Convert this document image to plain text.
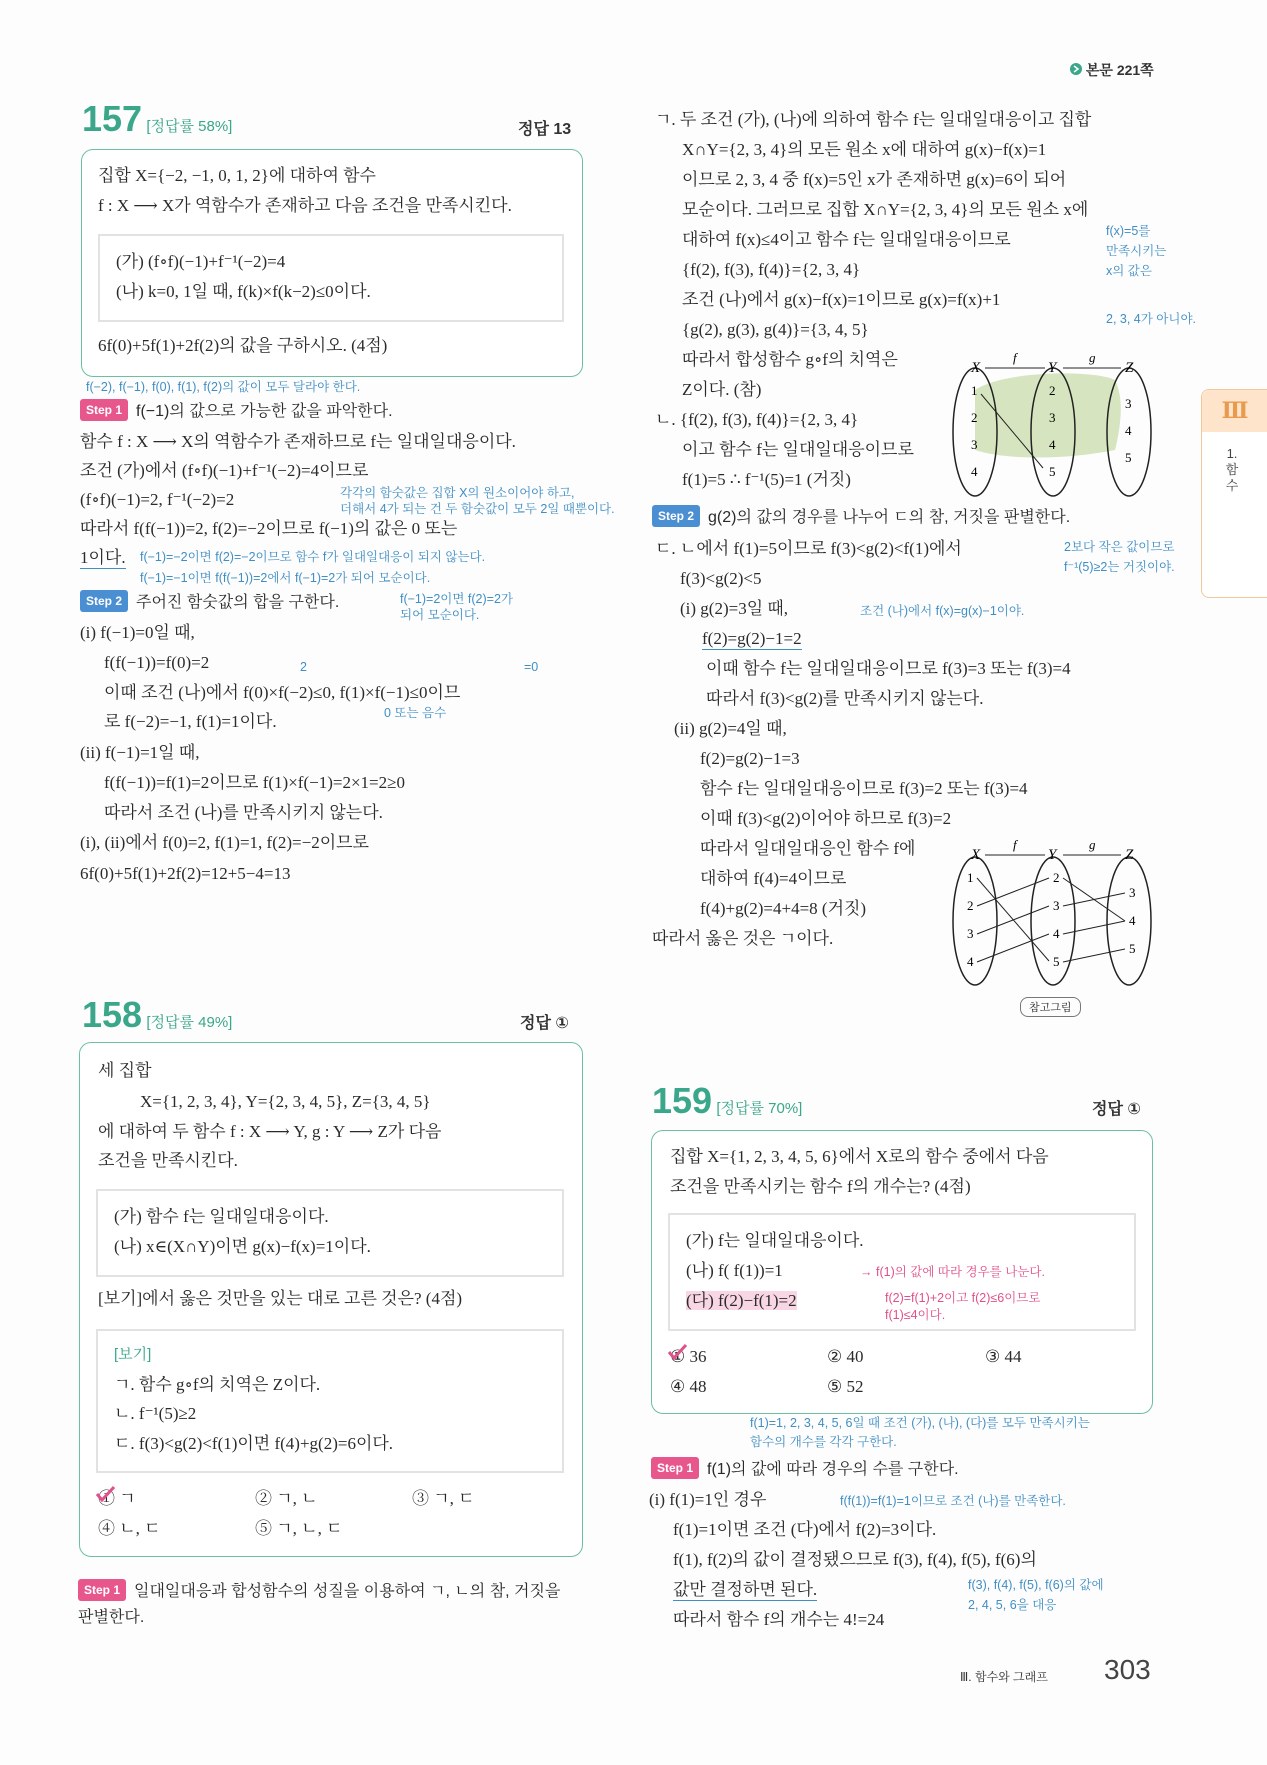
본문 221쪽
Ⅲ
1. 함수
157 [정답률 58%]	정답 13
집합 X={−2, −1, 0, 1, 2}에 대하여 함수
f : X ⟶ X가 역함수가 존재하고 다음 조건을 만족시킨다.
(가) (f∘f)(−1)+f⁻¹(−2)=4
(나) k=0, 1일 때, f(k)×f(k−2)≤0이다.
6f(0)+5f(1)+2f(2)의 값을 구하시오. (4점)
f(−2), f(−1), f(0), f(1), f(2)의 값이 모두 달라야 한다.
Step 1 f(−1)의 값으로 가능한 값을 파악한다.
함수 f : X ⟶ X의 역함수가 존재하므로 f는 일대일대응이다.
조건 (가)에서 (f∘f)(−1)+f⁻¹(−2)=4이므로
(f∘f)(−1)=2, f⁻¹(−2)=2	각각의 함숫값은 집합 X의 원소이어야 하고,
더해서 4가 되는 건 두 함숫값이 모두 2일 때뿐이다.
따라서 f(f(−1))=2, f(2)=−2이므로 f(−1)의 값은 0 또는
1이다. f(−1)=−2이면 f(2)=−2이므로 함수 f가 일대일대응이 되지 않는다.
f(−1)=−1이면 f(f(−1))=2에서 f(−1)=2가 되어 모순이다.
Step 2 주어진 함숫값의 합을 구한다.	f(−1)=2이면 f(2)=2가
되어 모순이다.
(i) f(−1)=0일 때,
f(f(−1))=f(0)=2	2	=0
이때 조건 (나)에서 f(0)×f(−2)≤0, f(1)×f(−1)≤0이므
로 f(−2)=−1, f(1)=1이다.	0 또는 음수
(ii) f(−1)=1일 때,
f(f(−1))=f(1)=2이므로 f(1)×f(−1)=2×1=2≥0
따라서 조건 (나)를 만족시키지 않는다.
(i), (ii)에서 f(0)=2, f(1)=1, f(2)=−2이므로
6f(0)+5f(1)+2f(2)=12+5−4=13
158 [정답률 49%]	정답 ①
세 집합
X={1, 2, 3, 4}, Y={2, 3, 4, 5}, Z={3, 4, 5}
에 대하여 두 함수 f : X ⟶ Y, g : Y ⟶ Z가 다음
조건을 만족시킨다.
(가) 함수 f는 일대일대응이다.
(나) x∈(X∩Y)이면 g(x)−f(x)=1이다.
[보기]에서 옳은 것만을 있는 대로 고른 것은? (4점)
[보기]
ㄱ. 함수 g∘f의 치역은 Z이다.
ㄴ. f⁻¹(5)≥2
ㄷ. f(3)<g(2)<f(1)이면 f(4)+g(2)=6이다.
① ㄱ	② ㄱ, ㄴ	③ ㄱ, ㄷ
④ ㄴ, ㄷ	⑤ ㄱ, ㄴ, ㄷ
Step 1 일대일대응과 합성함수의 성질을 이용하여 ㄱ, ㄴ의 참, 거짓을
판별한다.
ㄱ. 두 조건 (가), (나)에 의하여 함수 f는 일대일대응이고 집합
X∩Y={2, 3, 4}의 모든 원소 x에 대하여 g(x)−f(x)=1
이므로 2, 3, 4 중 f(x)=5인 x가 존재하면 g(x)=6이 되어
모순이다. 그러므로 집합 X∩Y={2, 3, 4}의 모든 원소 x에
대하여 f(x)≤4이고 함수 f는 일대일대응이므로
{f(2), f(3), f(4)}={2, 3, 4}
조건 (나)에서 g(x)−f(x)=1이므로 g(x)=f(x)+1
{g(2), g(3), g(4)}={3, 4, 5}
따라서 합성함수 g∘f의 치역은
Z이다. (참)
ㄴ. {f(2), f(3), f(4)}={2, 3, 4}
이고 함수 f는 일대일대응이므로
f(1)=5 ∴ f⁻¹(5)=1 (거짓)
f(x)=5를
만족시키는
x의 값은
2, 3, 4가 아니야.
X	Y	Z
f	g
1
2
3
4
2
3
4
5
3
4
5
Step 2 g(2)의 값의 경우를 나누어 ㄷ의 참, 거짓을 판별한다.
2보다 작은 값이므로
f⁻¹(5)≥2는 거짓이야.
조건 (나)에서 f(x)=g(x)−1이야.
ㄷ. ㄴ에서 f(1)=5이므로 f(3)<g(2)<f(1)에서
f(3)<g(2)<5
(i) g(2)=3일 때,
f(2)=g(2)−1=2
이때 함수 f는 일대일대응이므로 f(3)=3 또는 f(3)=4
따라서 f(3)<g(2)를 만족시키지 않는다.
(ii) g(2)=4일 때,
f(2)=g(2)−1=3
함수 f는 일대일대응이므로 f(3)=2 또는 f(3)=4
이때 f(3)<g(2)이어야 하므로 f(3)=2
따라서 일대일대응인 함수 f에
대하여 f(4)=4이므로
f(4)+g(2)=4+4=8 (거짓)
따라서 옳은 것은 ㄱ이다.
X	Y	Z
f	g
1
2
3
4
2
3
4
5
3
4
5
참고그림
159 [정답률 70%]	정답 ①
집합 X={1, 2, 3, 4, 5, 6}에서 X로의 함수 중에서 다음
조건을 만족시키는 함수 f의 개수는? (4점)
(가) f는 일대일대응이다.
(나) f( f(1))=1	→ f(1)의 값에 따라 경우를 나눈다.
(다) f(2)−f(1)=2	f(2)=f(1)+2이고 f(2)≤6이므로
f(1)≤4이다.
① 36	② 40	③ 44
④ 48	⑤ 52
f(1)=1, 2, 3, 4, 5, 6일 때 조건 (가), (나), (다)를 모두 만족시키는
함수의 개수를 각각 구한다.
Step 1 f(1)의 값에 따라 경우의 수를 구한다.
(i) f(1)=1인 경우	f(f(1))=f(1)=1이므로 조건 (나)를 만족한다.
f(1)=1이면 조건 (다)에서 f(2)=3이다.
f(1), f(2)의 값이 결정됐으므로 f(3), f(4), f(5), f(6)의
값만 결정하면 된다.	f(3), f(4), f(5), f(6)의 값에
2, 4, 5, 6을 대응
따라서 함수 f의 개수는 4!=24
Ⅲ. 함수와 그래프 303
